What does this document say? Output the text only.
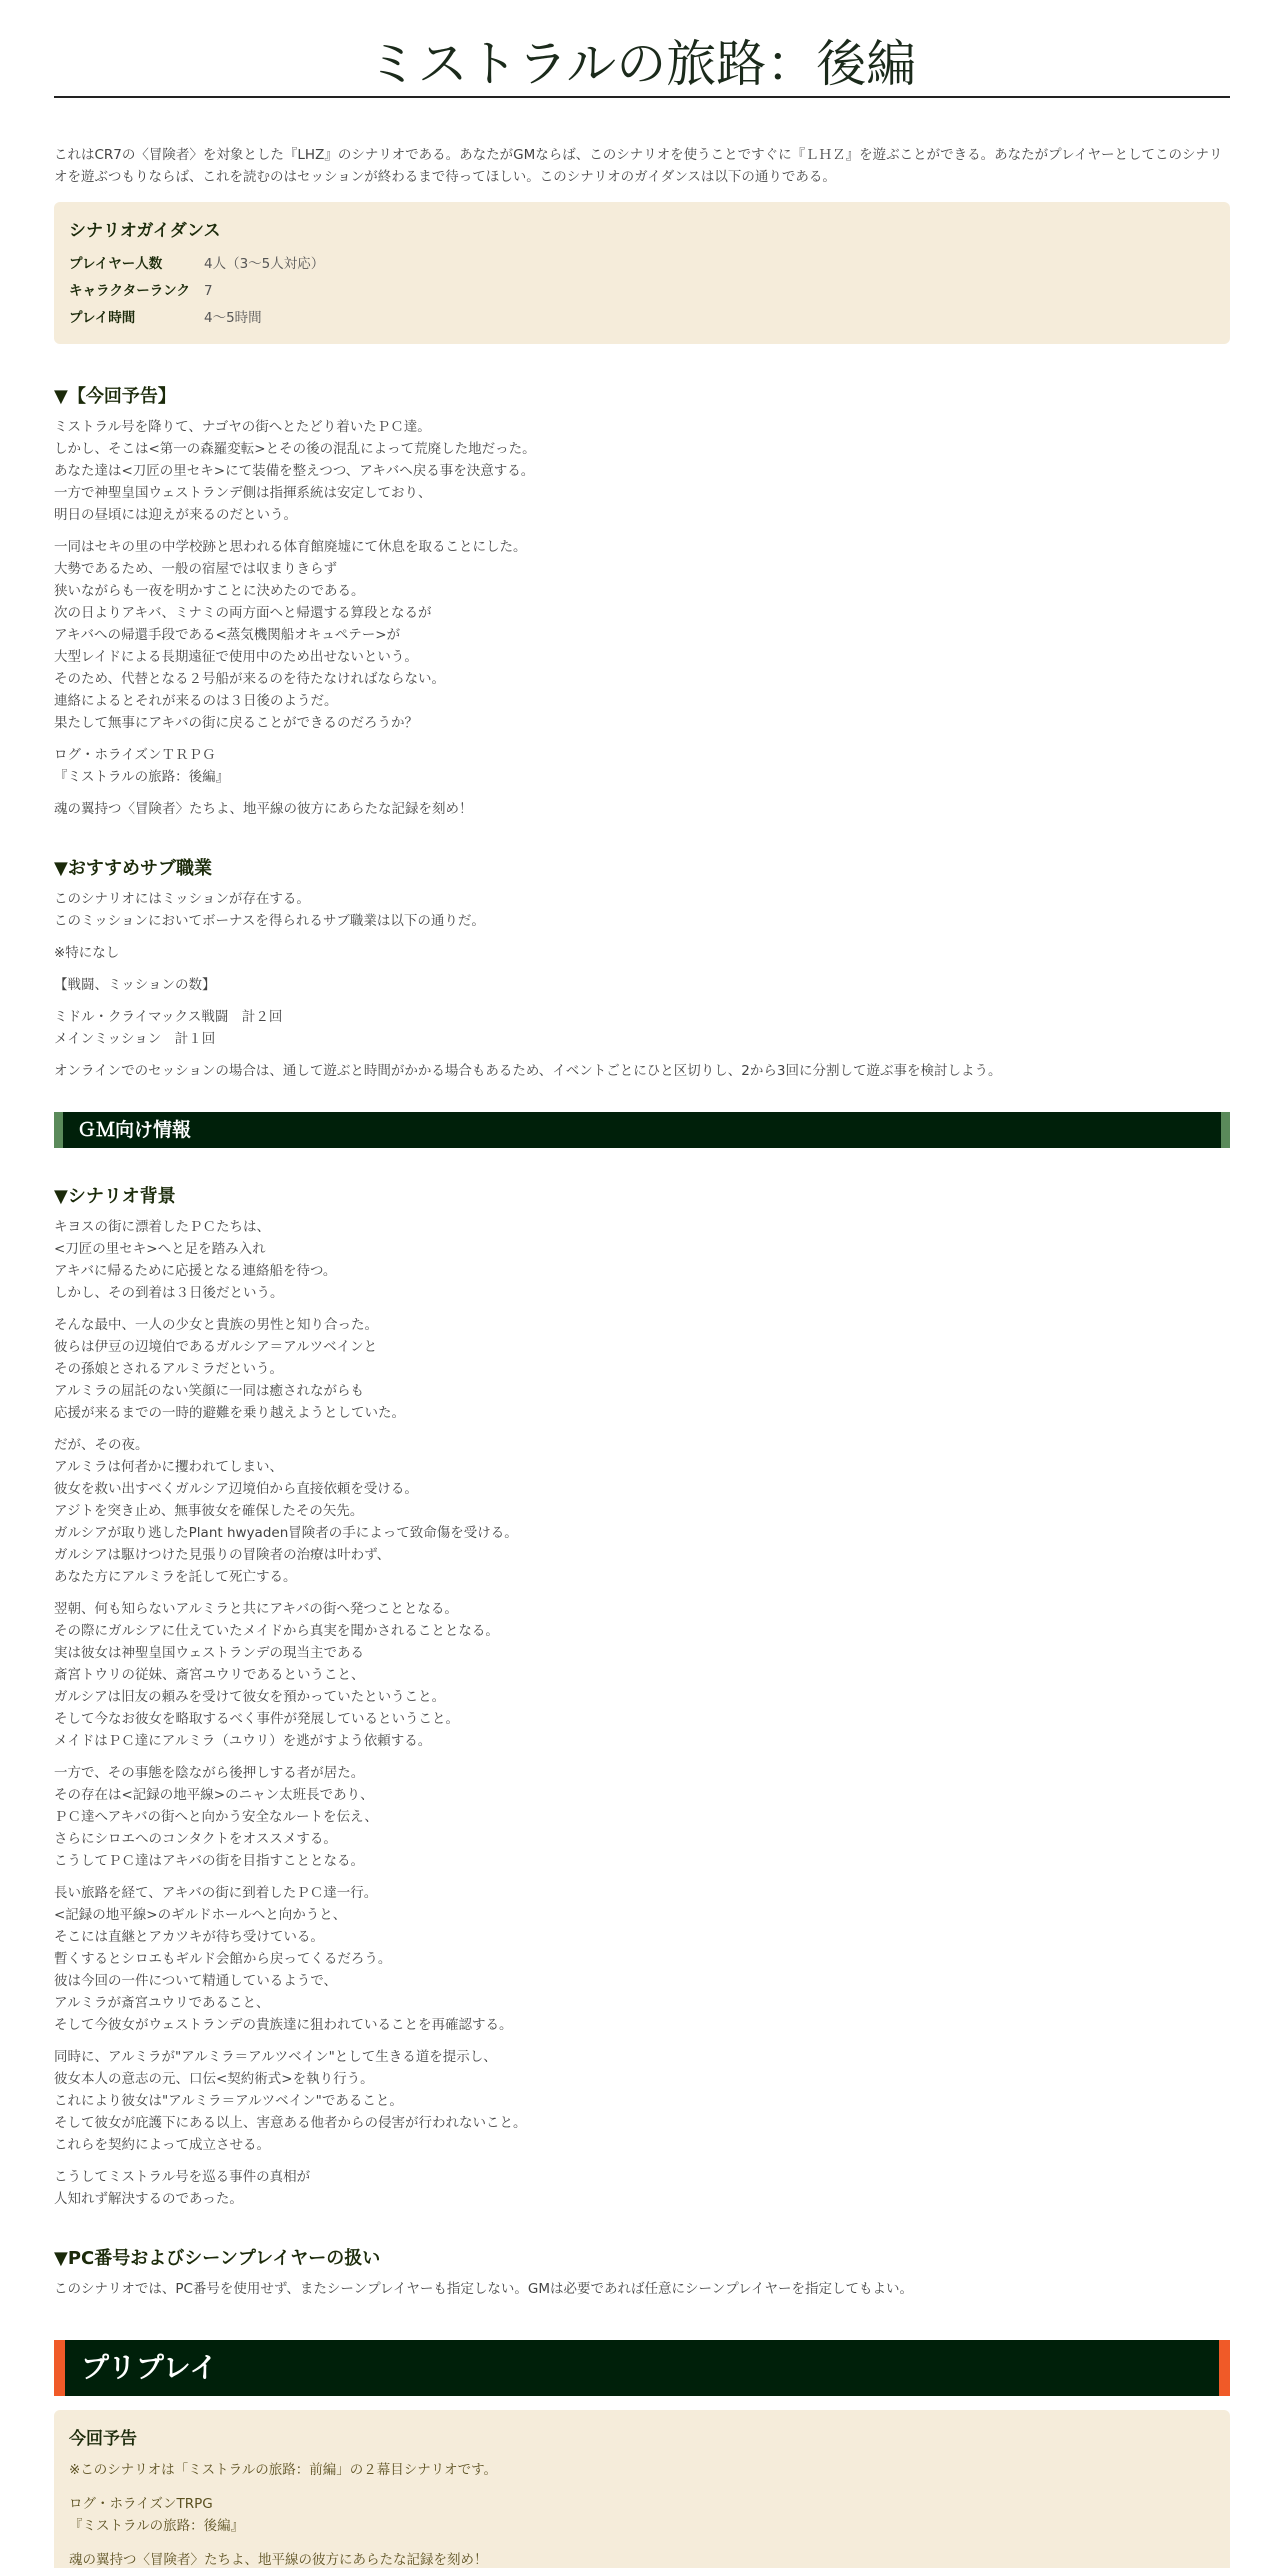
ミストラルの旅路：後編

これはCR7の〈冒険者〉を対象とした『LHZ』のシナリオである。あなたがGMならば、このシナリオを使うことですぐに『ＬＨＺ』を遊ぶことができる。あなたがプレイヤーとしてこのシナリオを遊ぶつもりならば、これを読むのはセッションが終わるまで待ってほしい。このシナリオのガイダンスは以下の通りである。

シナリオガイダンス
プレイヤー人数	4人（3～5人対応）
キャラクターランク	7
プレイ時間	4～5時間
▼【今回予告】

ミストラル号を降りて、ナゴヤの街へとたどり着いたＰＣ達。
しかし、そこは<第一の森羅変転>とその後の混乱によって荒廃した地だった。
あなた達は<刀匠の里セキ>にて装備を整えつつ、アキバへ戻る事を決意する。
一方で神聖皇国ウェストランデ側は指揮系統は安定しており、
明日の昼頃には迎えが来るのだという。

一同はセキの里の中学校跡と思われる体育館廃墟にて休息を取ることにした。
大勢であるため、一般の宿屋では収まりきらず
狭いながらも一夜を明かすことに決めたのである。
次の日よりアキバ、ミナミの両方面へと帰還する算段となるが
アキバへの帰還手段である<蒸気機関船オキュペテー>が
大型レイドによる長期遠征で使用中のため出せないという。
そのため、代替となる２号船が来るのを待たなければならない。
連絡によるとそれが来るのは３日後のようだ。
果たして無事にアキバの街に戻ることができるのだろうか？

ログ・ホライズンＴＲＰＧ
『ミストラルの旅路：後編』

魂の翼持つ〈冒険者〉たちよ、地平線の彼方にあらたな記録を刻め！

▼おすすめサブ職業

このシナリオにはミッションが存在する。
このミッションにおいてボーナスを得られるサブ職業は以下の通りだ。

※特になし

【戦闘、ミッションの数】

ミドル・クライマックス戦闘　計２回
メインミッション　計１回

オンラインでのセッションの場合は、通して遊ぶと時間がかかる場合もあるため、イベントごとにひと区切りし、2から3回に分割して遊ぶ事を検討しよう。

ＧＭ向け情報
▼シナリオ背景

キヨスの街に漂着したＰＣたちは、
<刀匠の里セキ>へと足を踏み入れ
アキバに帰るために応援となる連絡船を待つ。
しかし、その到着は３日後だという。

そんな最中、一人の少女と貴族の男性と知り合った。
彼らは伊豆の辺境伯であるガルシア＝アルツベインと
その孫娘とされるアルミラだという。
アルミラの屈託のない笑顔に一同は癒されながらも
応援が来るまでの一時的避難を乗り越えようとしていた。

だが、その夜。
アルミラは何者かに攫われてしまい、
彼女を救い出すべくガルシア辺境伯から直接依頼を受ける。
アジトを突き止め、無事彼女を確保したその矢先。
ガルシアが取り逃したPlant hwyaden冒険者の手によって致命傷を受ける。
ガルシアは駆けつけた見張りの冒険者の治療は叶わず、
あなた方にアルミラを託して死亡する。

翌朝、何も知らないアルミラと共にアキバの街へ発つこととなる。
その際にガルシアに仕えていたメイドから真実を聞かされることとなる。
実は彼女は神聖皇国ウェストランデの現当主である
斎宮トウリの従妹、斎宮ユウリであるということ、
ガルシアは旧友の頼みを受けて彼女を預かっていたということ。
そして今なお彼女を略取するべく事件が発展しているということ。
メイドはＰＣ達にアルミラ（ユウリ）を逃がすよう依頼する。

一方で、その事態を陰ながら後押しする者が居た。
その存在は<記録の地平線>のニャン太班長であり、
ＰＣ達へアキバの街へと向かう安全なルートを伝え、
さらにシロエへのコンタクトをオススメする。
こうしてＰＣ達はアキバの街を目指すこととなる。

長い旅路を経て、アキバの街に到着したＰＣ達一行。
<記録の地平線>のギルドホールへと向かうと、
そこには直継とアカツキが待ち受けている。
暫くするとシロエもギルド会館から戻ってくるだろう。
彼は今回の一件について精通しているようで、
アルミラが斎宮ユウリであること、
そして今彼女がウェストランデの貴族達に狙われていることを再確認する。

同時に、アルミラが"アルミラ＝アルツベイン"として生きる道を提示し、
彼女本人の意志の元、口伝<契約術式>を執り行う。
これにより彼女は"アルミラ＝アルツベイン"であること。
そして彼女が庇護下にある以上、害意ある他者からの侵害が行われないこと。
これらを契約によって成立させる。

こうしてミストラル号を巡る事件の真相が
人知れず解決するのであった。

▼PC番号およびシーンプレイヤーの扱い

このシナリオでは、PC番号を使用せず、またシーンプレイヤーも指定しない。GMは必要であれば任意にシーンプレイヤーを指定してもよい。

プリプレイ
今回予告

※このシナリオは「ミストラルの旅路：前編」の２幕目シナリオです。

ログ・ホライズンTRPG
『ミストラルの旅路：後編』

魂の翼持つ〈冒険者〉たちよ、地平線の彼方にあらたな記録を刻め！
